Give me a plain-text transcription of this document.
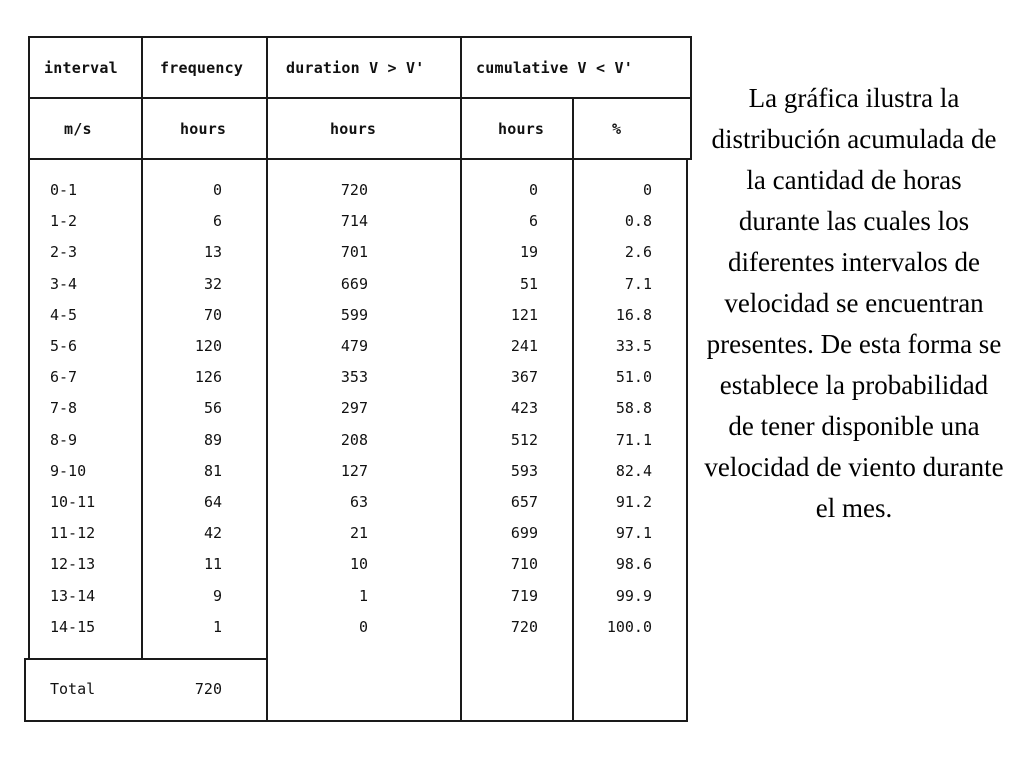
interval	frequency	duration V > V'	cumulative V < V'
m/s	hours	hours	hours	%
0-1	0	720	0	0
1-2	6	714	6	0.8
2-3	13	701	19	2.6
3-4	32	669	51	7.1
4-5	70	599	121	16.8
5-6	120	479	241	33.5
6-7	126	353	367	51.0
7-8	56	297	423	58.8
8-9	89	208	512	71.1
9-10	81	127	593	82.4
10-11	64	63	657	91.2
11-12	42	21	699	97.1
12-13	11	10	710	98.6
13-14	9	1	719	99.9
14-15	1	0	720	100.0
Total	720
La gráfica ilustra la distribución acumulada de la cantidad de horas durante las cuales los diferentes intervalos de velocidad se encuentran presentes. De esta forma se establece la probabilidad de tener disponible una velocidad de viento durante el mes.
